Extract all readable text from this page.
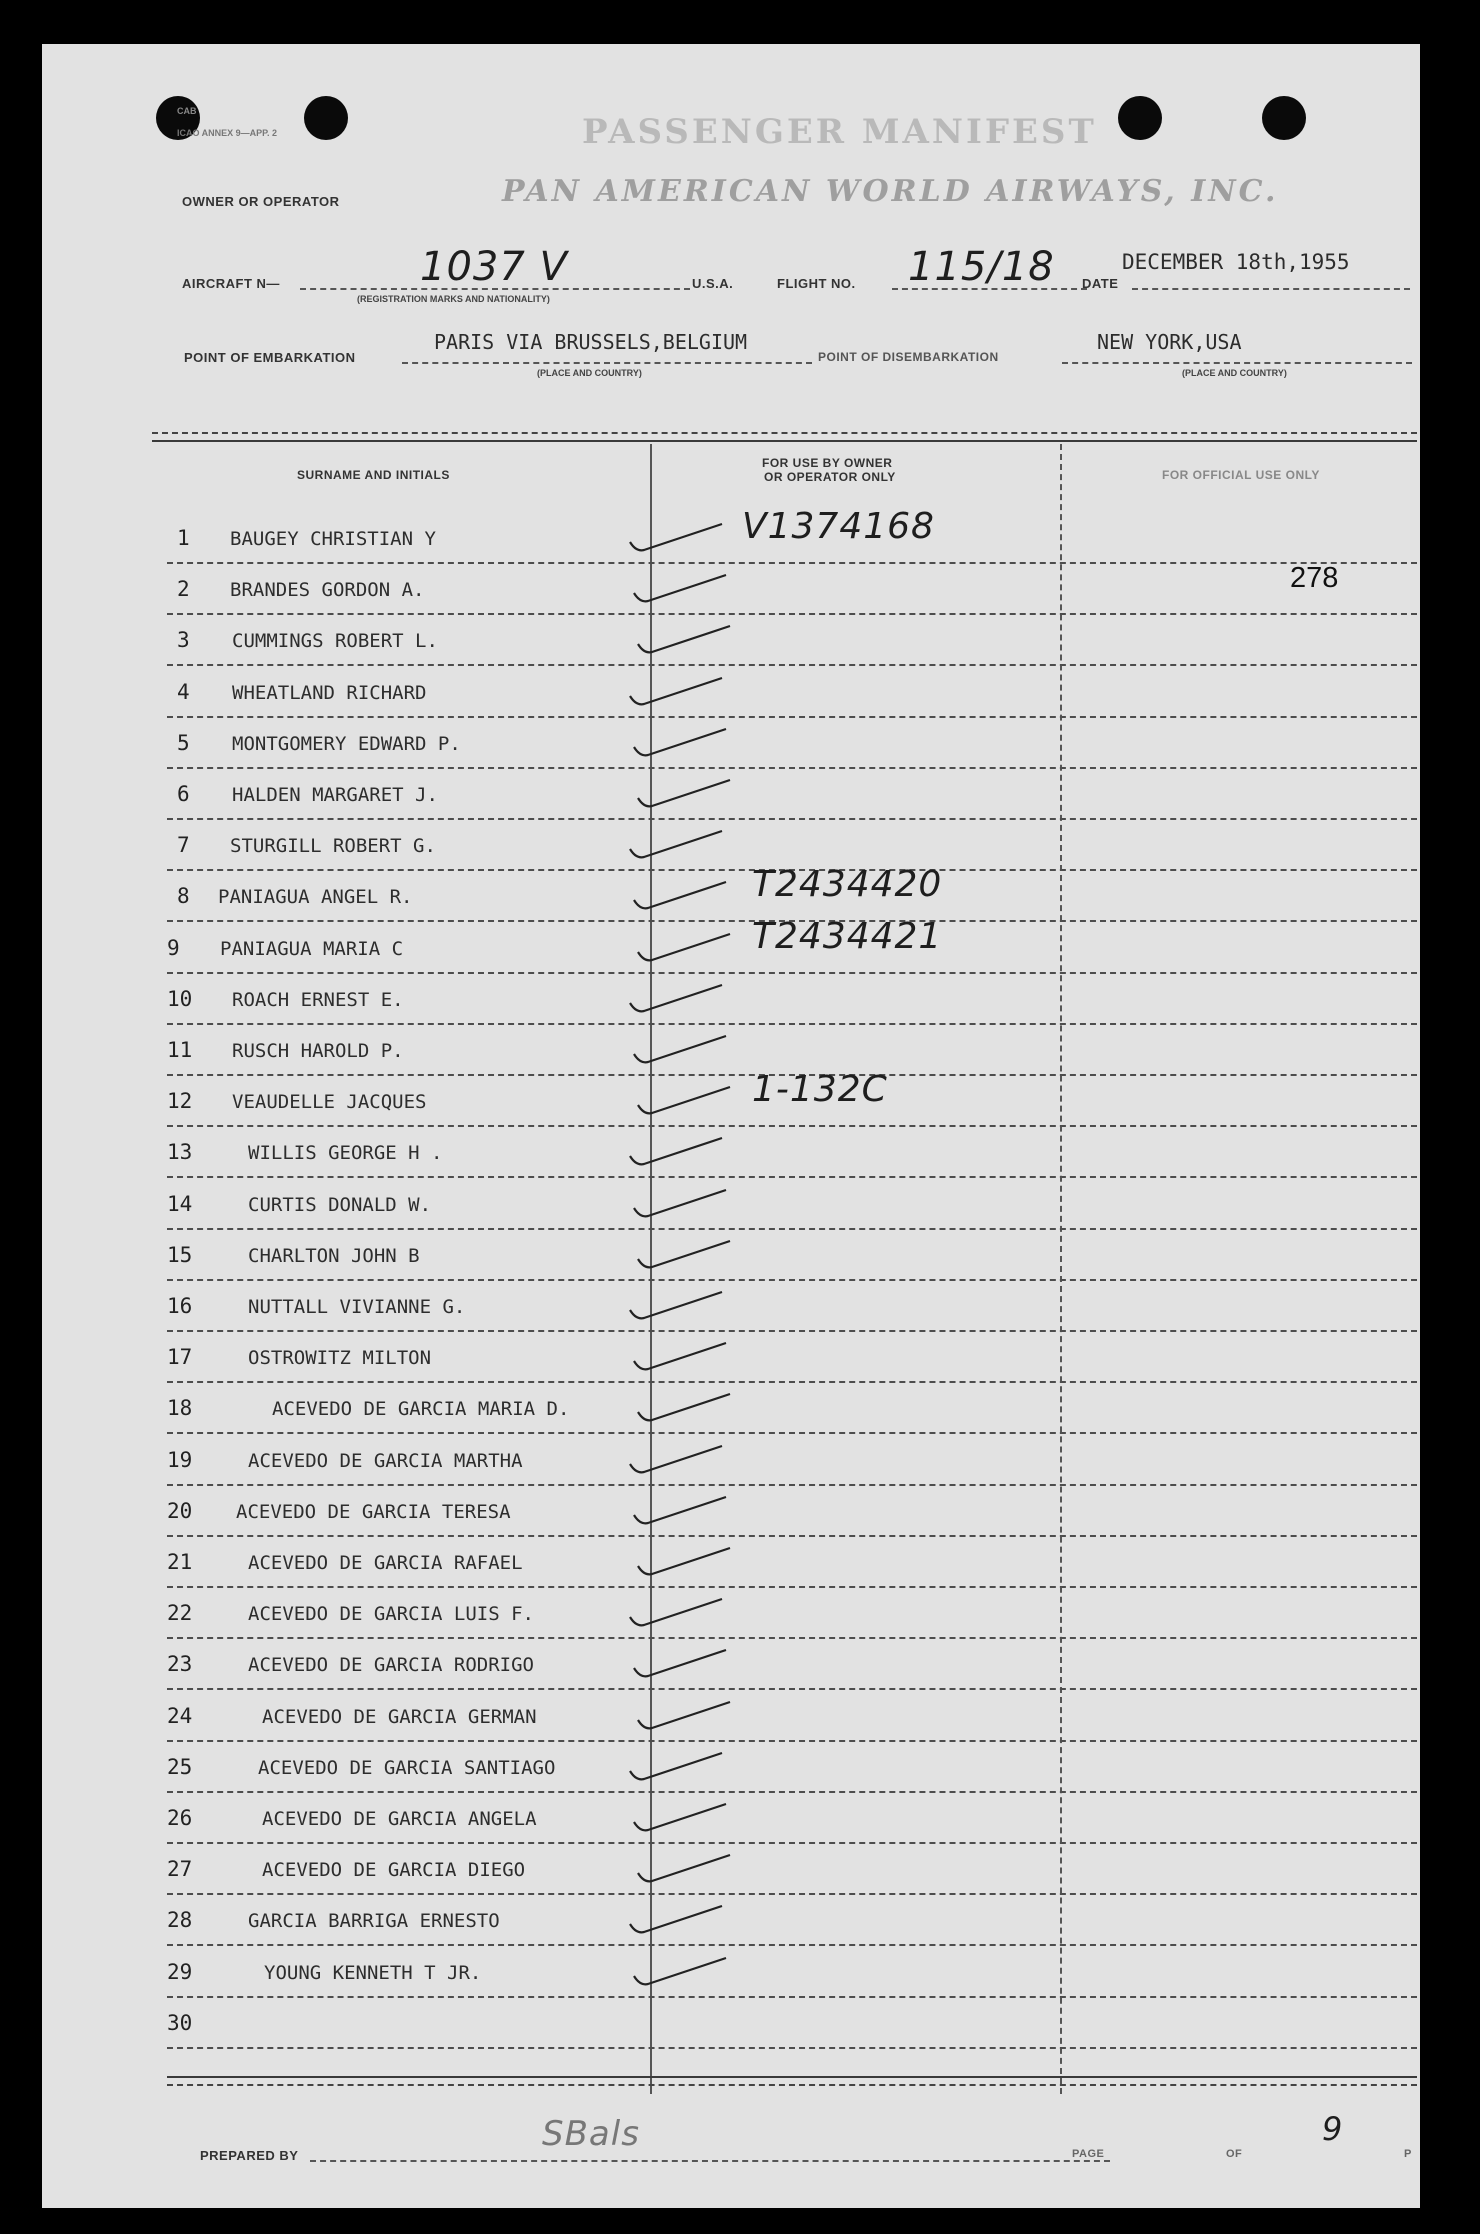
CAB
ICAO ANNEX 9—APP. 2	PASSENGER MANIFEST
OWNER OR OPERATOR	PAN AMERICAN WORLD AIRWAYS, INC.
AIRCRAFT N—	1037 V
(REGISTRATION MARKS AND NATIONALITY)
U.S.A.	FLIGHT NO. 115/18 DATE
DECEMBER 18th,1955
POINT OF EMBARKATION
PARIS VIA BRUSSELS,BELGIUM
(PLACE AND COUNTRY)
POINT OF DISEMBARKATION
NEW YORK,USA
(PLACE AND COUNTRY)
SURNAME AND INITIALS
FOR USE BY OWNER
OR OPERATOR ONLY	FOR OFFICIAL USE ONLY
278
1	BAUGEY CHRISTIAN Y	V1374168
2	BRANDES GORDON A.
3	CUMMINGS ROBERT L.
4	WHEATLAND RICHARD
5	MONTGOMERY EDWARD P.
6	HALDEN MARGARET J.
7	STURGILL ROBERT G.
8	PANIAGUA ANGEL R.	T2434420
9	PANIAGUA MARIA C	T2434421
10	ROACH ERNEST E.
11	RUSCH HAROLD P.
12	VEAUDELLE JACQUES	1-132C
13	WILLIS GEORGE H .
14	CURTIS DONALD W.
15	CHARLTON JOHN B
16	NUTTALL VIVIANNE G.
17	OSTROWITZ MILTON
18	ACEVEDO DE GARCIA MARIA D.
19	ACEVEDO DE GARCIA MARTHA
20	ACEVEDO DE GARCIA TERESA
21	ACEVEDO DE GARCIA RAFAEL
22	ACEVEDO DE GARCIA LUIS F.
23	ACEVEDO DE GARCIA RODRIGO
24	ACEVEDO DE GARCIA GERMAN
25	ACEVEDO DE GARCIA SANTIAGO
26	ACEVEDO DE GARCIA ANGELA
27	ACEVEDO DE GARCIA DIEGO
28	GARCIA BARRIGA ERNESTO
29	YOUNG KENNETH T JR.
30
PREPARED BY
SBals	PAGE	OF
9
P
